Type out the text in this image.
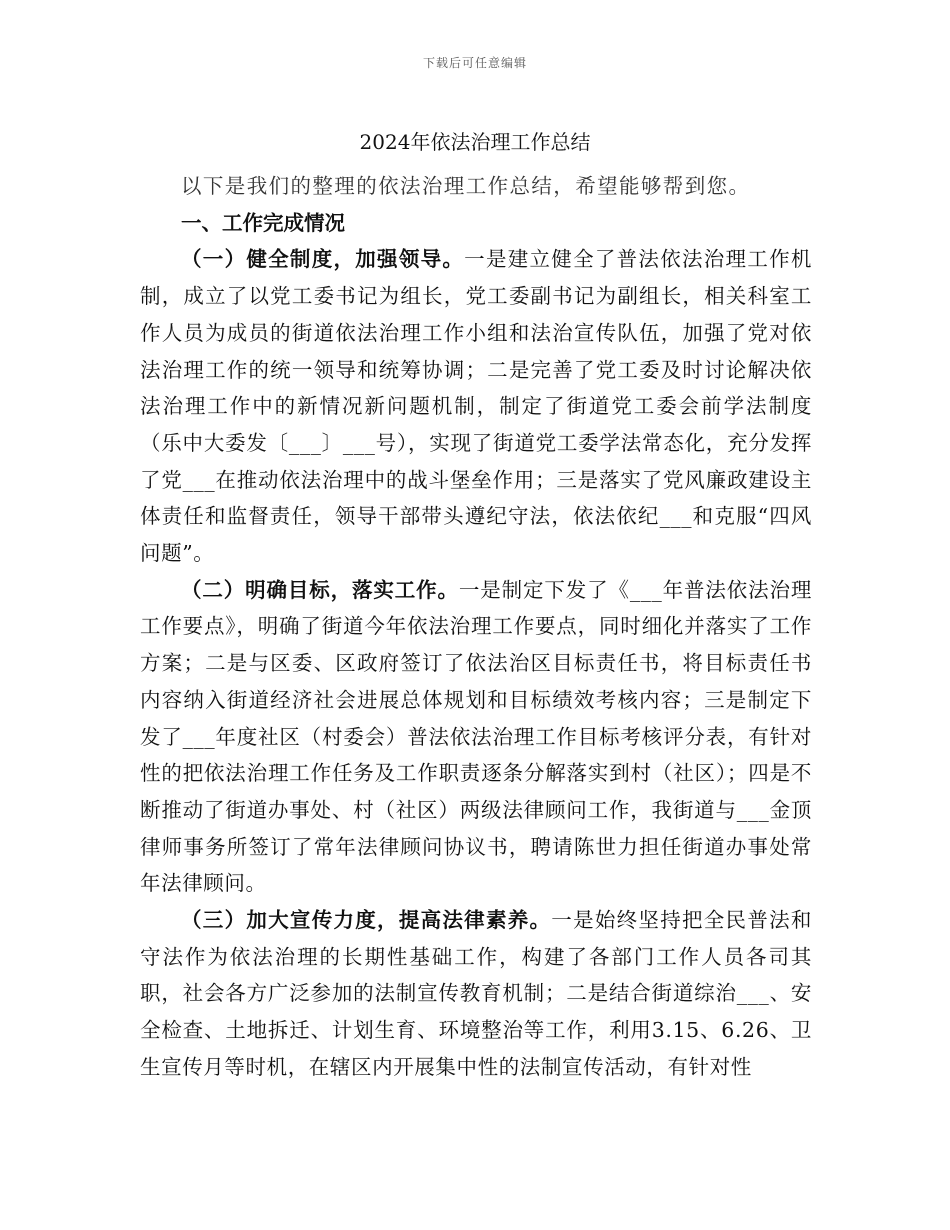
下载后可任意编辑
2024年依法治理工作总结

以下是我们的整理的依法治理工作总结，希望能够帮到您。

一、工作完成情况

（一）健全制度，加强领导。一是建立健全了普法依法治理工作机制，成立了以党工委书记为组长，党工委副书记为副组长，相关科室工作人员为成员的街道依法治理工作小组和法治宣传队伍，加强了党对依法治理工作的统一领导和统筹协调；二是完善了党工委及时讨论解决依法治理工作中的新情况新问题机制，制定了街道党工委会前学法制度（乐中大委发〔___〕___号），实现了街道党工委学法常态化，充分发挥了党___在推动依法治理中的战斗堡垒作用；三是落实了党风廉政建设主体责任和监督责任，领导干部带头遵纪守法，依法依纪___和克服“四风问题”。

（二）明确目标，落实工作。一是制定下发了《___年普法依法治理工作要点》，明确了街道今年依法治理工作要点，同时细化并落实了工作方案；二是与区委、区政府签订了依法治区目标责任书，将目标责任书内容纳入街道经济社会进展总体规划和目标绩效考核内容；三是制定下发了___年度社区（村委会）普法依法治理工作目标考核评分表，有针对性的把依法治理工作任务及工作职责逐条分解落实到村（社区）；四是不断推动了街道办事处、村（社区）两级法律顾问工作，我街道与___金顶律师事务所签订了常年法律顾问协议书，聘请陈世力担任街道办事处常年法律顾问。

（三）加大宣传力度，提高法律素养。一是始终坚持把全民普法和守法作为依法治理的长期性基础工作，构建了各部门工作人员各司其职，社会各方广泛参加的法制宣传教育机制；二是结合街道综治___、安全检查、土地拆迁、计划生育、环境整治等工作，利用3.15、6.26、卫生宣传月等时机，在辖区内开展集中性的法制宣传活动，有针对性
